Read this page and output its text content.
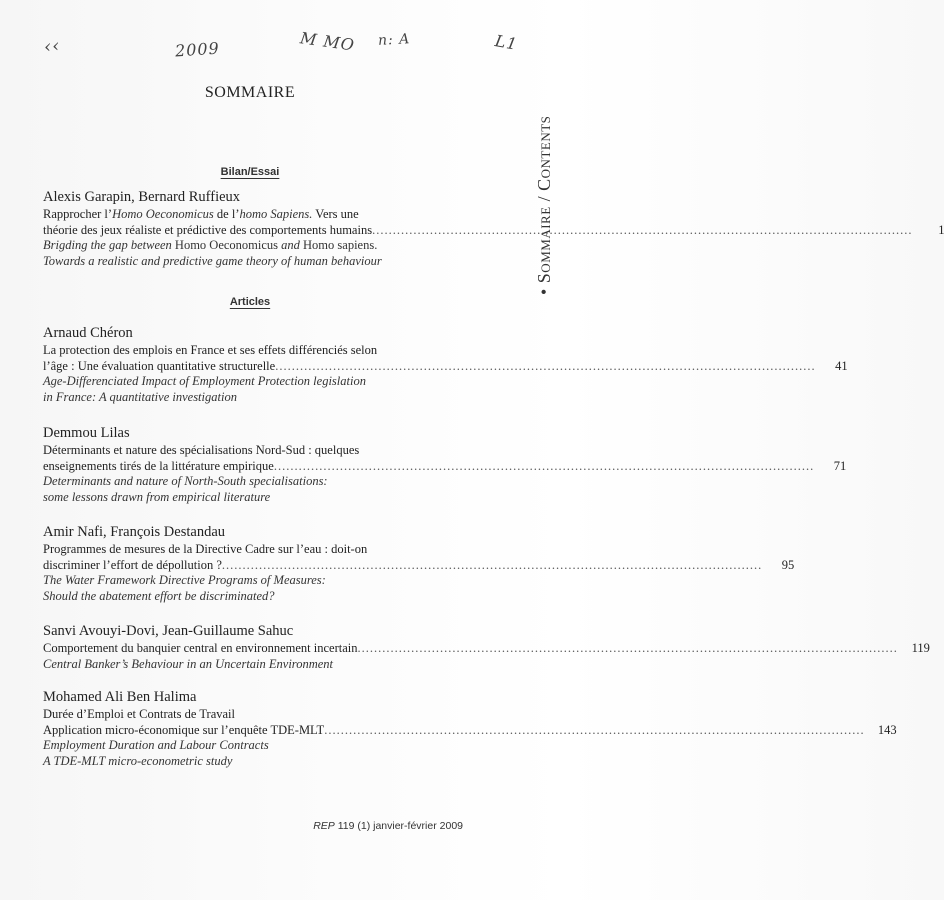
‹‹	2009	M MO n: A	L1
• Sommaire / Contents
SOMMAIRE
Bilan/Essai
Alexis Garapin, Bernard Ruffieux
Rapprocher l’Homo Oeconomicus de l’homo Sapiens. Vers une
théorie des jeux réaliste et prédictive des comportements humains .....	1
Brigding the gap between Homo Oeconomicus and Homo sapiens.
Towards a realistic and predictive game theory of human behaviour
Articles
Arnaud Chéron
La protection des emplois en France et ses effets différenciés selon
l’âge : Une évaluation quantitative structurelle .....	41
Age-Differenciated Impact of Employment Protection legislation
in France: A quantitative investigation
Demmou Lilas
Déterminants et nature des spécialisations Nord-Sud : quelques
enseignements tirés de la littérature empirique .....	71
Determinants and nature of North-South specialisations:
some lessons drawn from empirical literature
Amir Nafi, François Destandau
Programmes de mesures de la Directive Cadre sur l’eau : doit-on
discriminer l’effort de dépollution ? .....	95
The Water Framework Directive Programs of Measures:
Should the abatement effort be discriminated?
Sanvi Avouyi-Dovi, Jean-Guillaume Sahuc
Comportement du banquier central en environnement incertain .....	119
Central Banker’s Behaviour in an Uncertain Environment
Mohamed Ali Ben Halima
Durée d’Emploi et Contrats de Travail
Application micro-économique sur l’enquête TDE-MLT .....	143
Employment Duration and Labour Contracts
A TDE-MLT micro-econometric study
REP 119 (1) janvier-février 2009
